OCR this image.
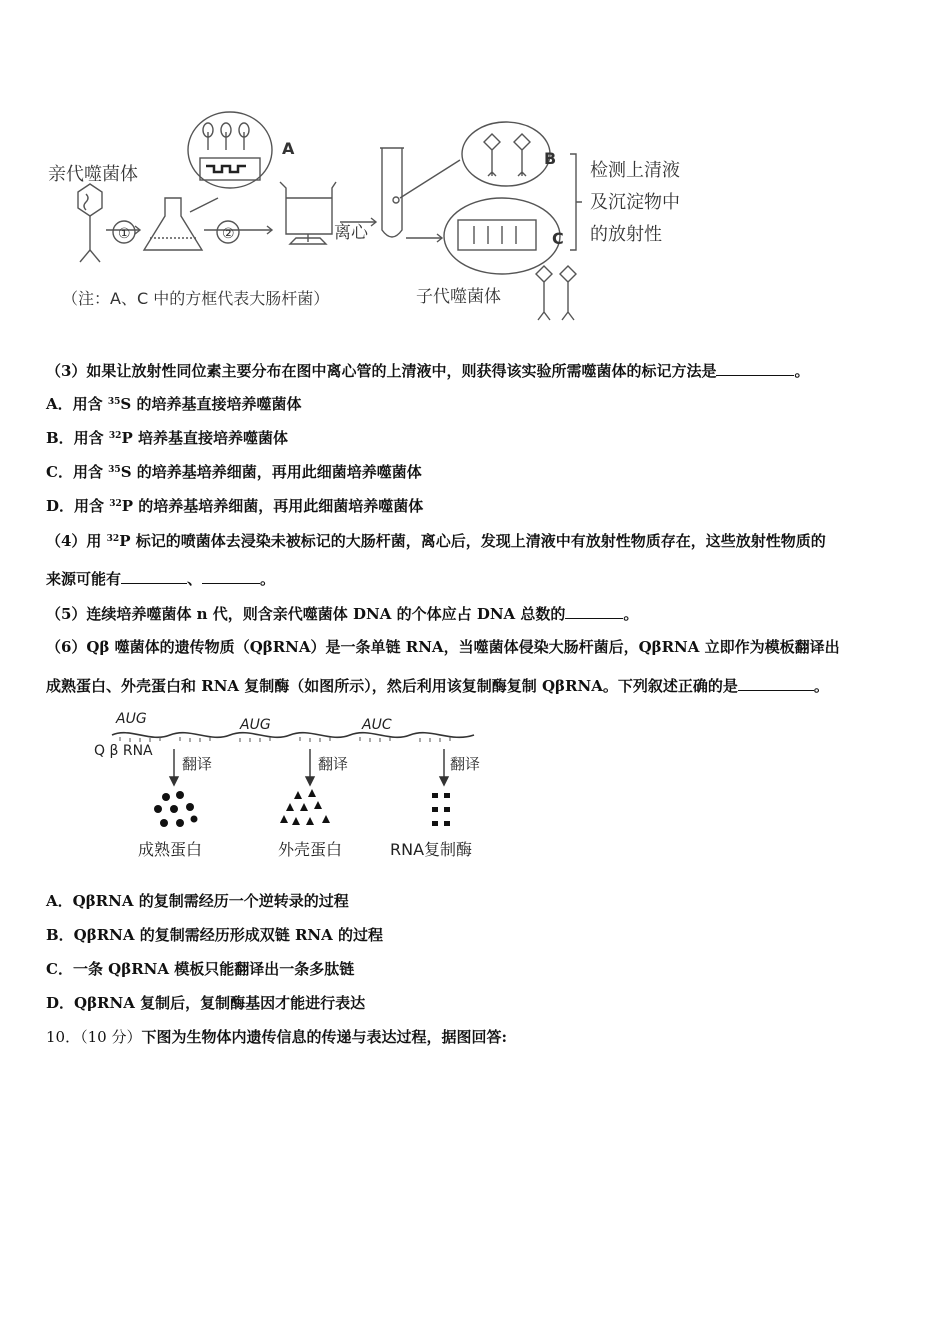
亲代噬菌体
①	②
A
离心
B
C
检测上清液
及沉淀物中
的放射性
（注：A、C 中的方框代表大肠杆菌）	子代噬菌体
（3）如果让放射性同位素主要分布在图中离心管的上清液中，则获得该实验所需噬菌体的标记方法是	。
A．用含 $^{35}$S 的培养基直接培养噬菌体
B．用含 $^{32}$P 培养基直接培养噬菌体
C．用含 $^{35}$S 的培养基培养细菌，再用此细菌培养噬菌体
D．用含 $^{32}$P 的培养基培养细菌，再用此细菌培养噬菌体
（4）用 $^{32}$P 标记的喷菌体去浸染未被标记的大肠杆菌，离心后，发现上清液中有放射性物质存在，这些放射性物质的
来源可能有	、	。
（5）连续培养噬菌体 n 代，则含亲代噬菌体 DNA 的个体应占 DNA 总数的	。
（6）Qβ 噬菌体的遗传物质（QβRNA）是一条单链 RNA，当噬菌体侵染大肠杆菌后，QβRNA 立即作为模板翻译出
成熟蛋白、外壳蛋白和 RNA 复制酶（如图所示），然后利用该复制酶复制 QβRNA。下列叙述正确的是	。
Q β RNA
AUG	AUG	AUC
翻译	翻译	翻译
成熟蛋白	外壳蛋白	RNA复制酶
A．QβRNA 的复制需经历一个逆转录的过程
B．QβRNA 的复制需经历形成双链 RNA 的过程
C．一条 QβRNA 模板只能翻译出一条多肽链
D．QβRNA 复制后，复制酶基因才能进行表达
10．（10 分）下图为生物体内遗传信息的传递与表达过程，据图回答:
